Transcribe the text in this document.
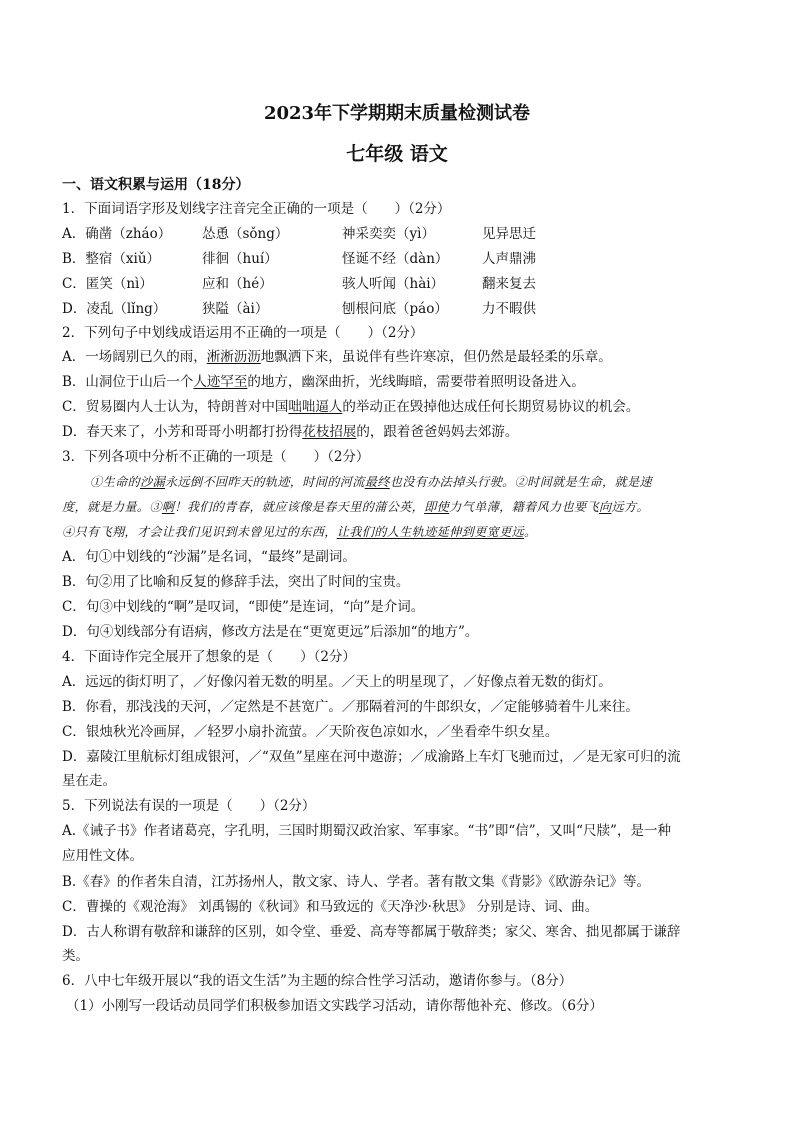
2023年下学期期末质量检测试卷
七年级 语文
一、语文积累与运用（18分）
1．下面词语字形及划线字注音完全正确的一项是（　　）（2分）
A．确凿（zháo）	怂恿（sǒng）	神采奕奕（yì）	见异思迁
B．整宿（xiǔ）	徘徊（huí）	怪诞不经（dàn）	人声鼎沸
C．匿笑（nì）	应和（hé）	骇人听闻（hài）	翻来复去
D．凌乱（lǐng）	狭隘（ài）	刨根问底（páo）	力不暇供
2．下列句子中划线成语运用不正确的一项是（　　）（2分）
A．一场阔别已久的雨，淅淅沥沥地飘洒下来，虽说伴有些许寒凉，但仍然是最轻柔的乐章。
B．山洞位于山后一个人迹罕至的地方，幽深曲折，光线晦暗，需要带着照明设备进入。
C．贸易圈内人士认为，特朗普对中国咄咄逼人的举动正在毁掉他达成任何长期贸易协议的机会。
D．春天来了，小芳和哥哥小明都打扮得花枝招展的，跟着爸爸妈妈去郊游。
3．下列各项中分析不正确的一项是（　　）（2分）
①生命的沙漏永远倒不回昨天的轨迹，时间的河流最终也没有办法掉头行驶。②时间就是生命，就是速
度，就是力量。③啊！我们的青春，就应该像是春天里的蒲公英，即使力气单薄，籍着风力也要飞向远方。
④只有飞翔，才会让我们见识到未曾见过的东西，让我们的人生轨迹延伸到更宽更远。
A．句①中划线的“沙漏”是名词，“最终”是副词。
B．句②用了比喻和反复的修辞手法，突出了时间的宝贵。
C．句③中划线的“啊”是叹词，“即使”是连词，“向”是介词。
D．句④划线部分有语病，修改方法是在“更宽更远”后添加“的地方”。
4．下面诗作完全展开了想象的是（　　）（2分）
A．远远的街灯明了，／好像闪着无数的明星。／天上的明星现了，／好像点着无数的街灯。
B．你看，那浅浅的天河，／定然是不甚宽广。／那隔着河的牛郎织女，／定能够骑着牛儿来往。
C．银烛秋光冷画屏，／轻罗小扇扑流萤。／天阶夜色凉如水，／坐看牵牛织女星。
D．嘉陵江里航标灯组成银河，／“双鱼”星座在河中遨游；／成渝路上车灯飞驰而过，／是无家可归的流
星在走。
5．下列说法有误的一项是（　　）（2分）
A.《诫子书》作者诸葛亮，字孔明，三国时期蜀汉政治家、军事家。“书”即“信”，又叫“尺牍”，是一种
应用性文体。
B.《春》的作者朱自清，江苏扬州人，散文家、诗人、学者。著有散文集《背影》《欧游杂记》等。
C．曹操的《观沧海》 刘禹锡的《秋词》和马致远的《天净沙·秋思》 分别是诗、词、曲。
D．古人称谓有敬辞和谦辞的区别，如令堂、垂爱、高寿等都属于敬辞类；家父、寒舍、拙见都属于谦辞
类。
6．八中七年级开展以“我的语文生活”为主题的综合性学习活动，邀请你参与。（8分）
（1）小刚写一段话动员同学们积极参加语文实践学习活动，请你帮他补充、修改。（6分）
